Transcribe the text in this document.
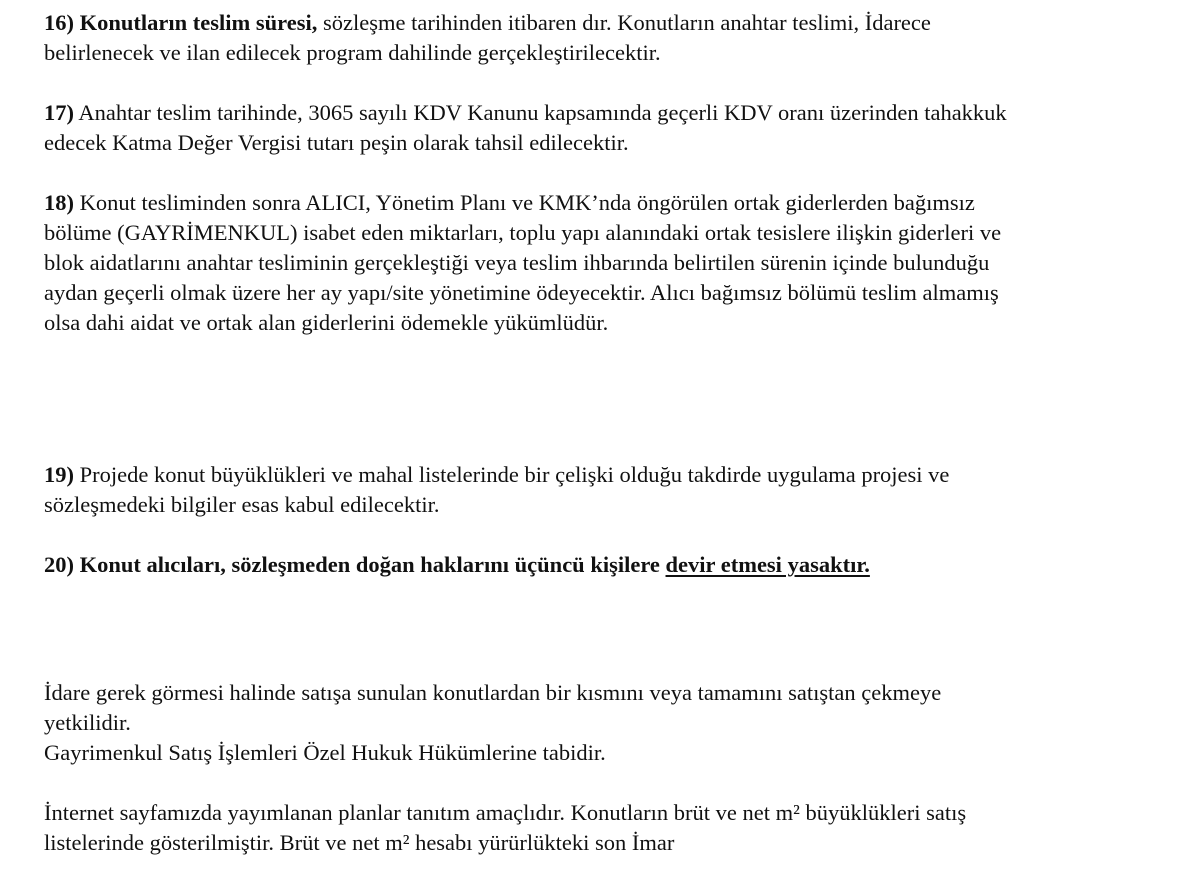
16) Konutların teslim süresi, sözleşme tarihinden itibaren dır. Konutların anahtar teslimi, İdarece
belirlenecek ve ilan edilecek program dahilinde gerçekleştirilecektir.

17) Anahtar teslim tarihinde, 3065 sayılı KDV Kanunu kapsamında geçerli KDV oranı üzerinden tahakkuk
edecek Katma Değer Vergisi tutarı peşin olarak tahsil edilecektir.

18) Konut tesliminden sonra ALICI, Yönetim Planı ve KMK’nda öngörülen ortak giderlerden bağımsız
bölüme (GAYRİMENKUL) isabet eden miktarları, toplu yapı alanındaki ortak tesislere ilişkin giderleri ve
blok aidatlarını anahtar tesliminin gerçekleştiği veya teslim ihbarında belirtilen sürenin içinde bulunduğu
aydan geçerli olmak üzere her ay yapı/site yönetimine ödeyecektir. Alıcı bağımsız bölümü teslim almamış
olsa dahi aidat ve ortak alan giderlerini ödemekle yükümlüdür.

19) Projede konut büyüklükleri ve mahal listelerinde bir çelişki olduğu takdirde uygulama projesi ve
sözleşmedeki bilgiler esas kabul edilecektir.

20) Konut alıcıları, sözleşmeden doğan haklarını üçüncü kişilere devir etmesi yasaktır.

İdare gerek görmesi halinde satışa sunulan konutlardan bir kısmını veya tamamını satıştan çekmeye
yetkilidir.
Gayrimenkul Satış İşlemleri Özel Hukuk Hükümlerine tabidir.

İnternet sayfamızda yayımlanan planlar tanıtım amaçlıdır. Konutların brüt ve net m² büyüklükleri satış
listelerinde gösterilmiştir. Brüt ve net m² hesabı yürürlükteki son İmar
